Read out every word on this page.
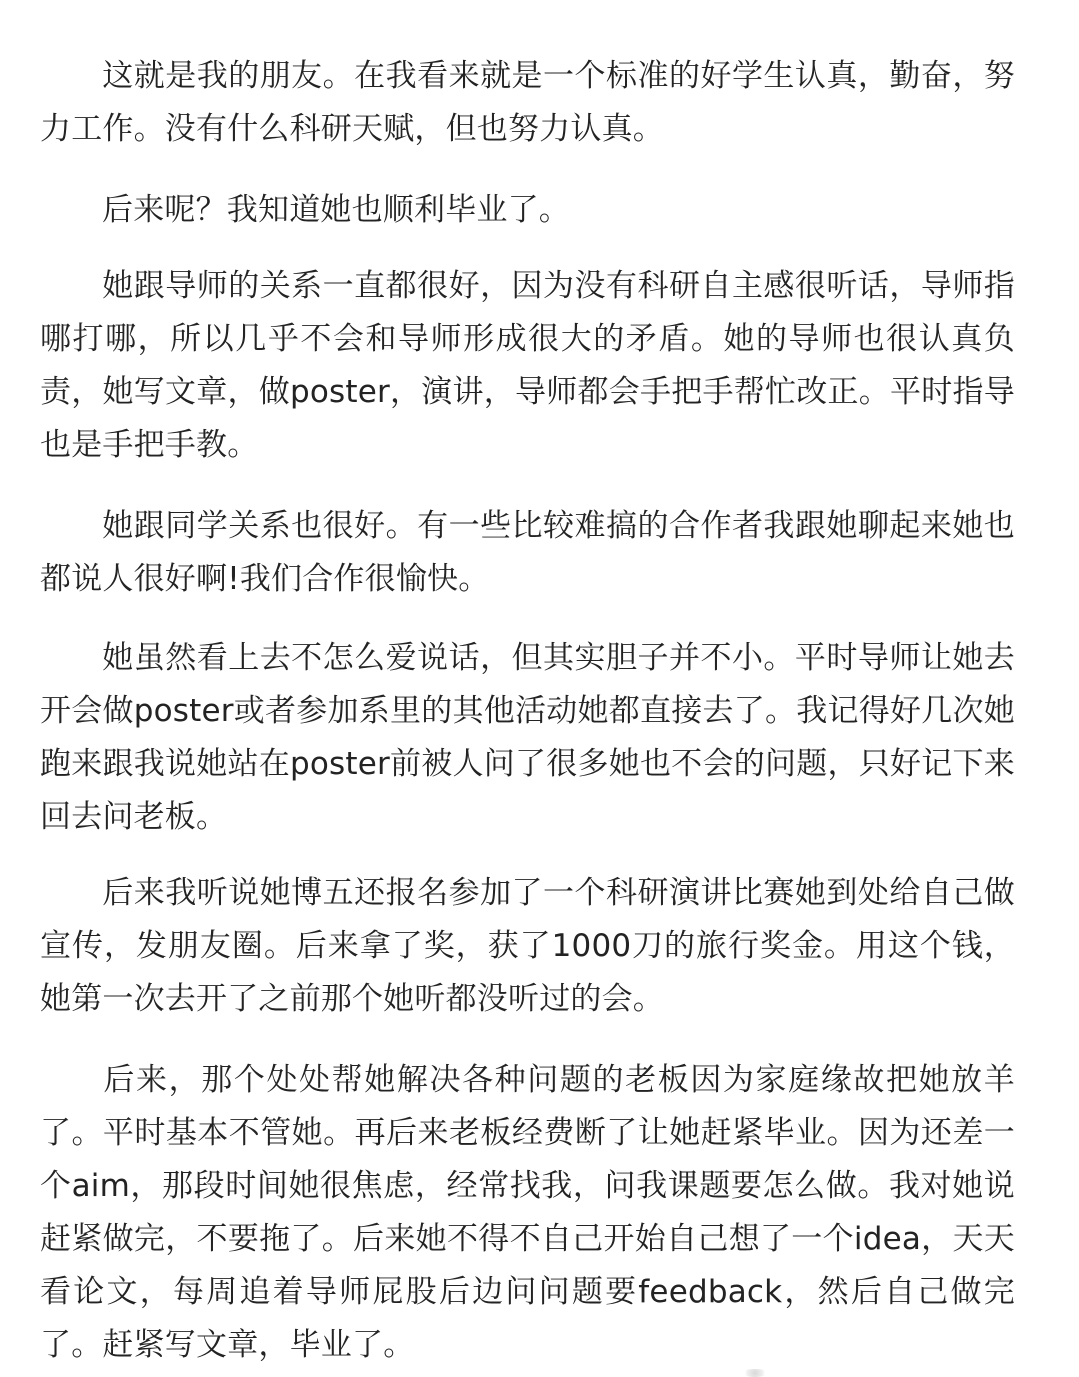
这就是我的朋友。在我看来就是一个标准的好学生认真，勤奋，努力工作。没有什么科研天赋，但也努力认真。

后来呢？我知道她也顺利毕业了。

她跟导师的关系一直都很好，因为没有科研自主感很听话，导师指哪打哪，所以几乎不会和导师形成很大的矛盾。她的导师也很认真负责，她写文章，做poster，演讲，导师都会手把手帮忙改正。平时指导也是手把手教。

她跟同学关系也很好。有一些比较难搞的合作者我跟她聊起来她也都说人很好啊!我们合作很愉快。

她虽然看上去不怎么爱说话，但其实胆子并不小。平时导师让她去开会做poster或者参加系里的其他活动她都直接去了。我记得好几次她跑来跟我说她站在poster前被人问了很多她也不会的问题，只好记下来回去问老板。

后来我听说她博五还报名参加了一个科研演讲比赛她到处给自己做宣传，发朋友圈。后来拿了奖，获了1000刀的旅行奖金。用这个钱，她第一次去开了之前那个她听都没听过的会。

后来，那个处处帮她解决各种问题的老板因为家庭缘故把她放羊了。平时基本不管她。再后来老板经费断了让她赶紧毕业。因为还差一个aim，那段时间她很焦虑，经常找我，问我课题要怎么做。我对她说赶紧做完，不要拖了。后来她不得不自己开始自己想了一个idea，天天看论文，每周追着导师屁股后边问问题要feedback，然后自己做完了。赶紧写文章，毕业了。
